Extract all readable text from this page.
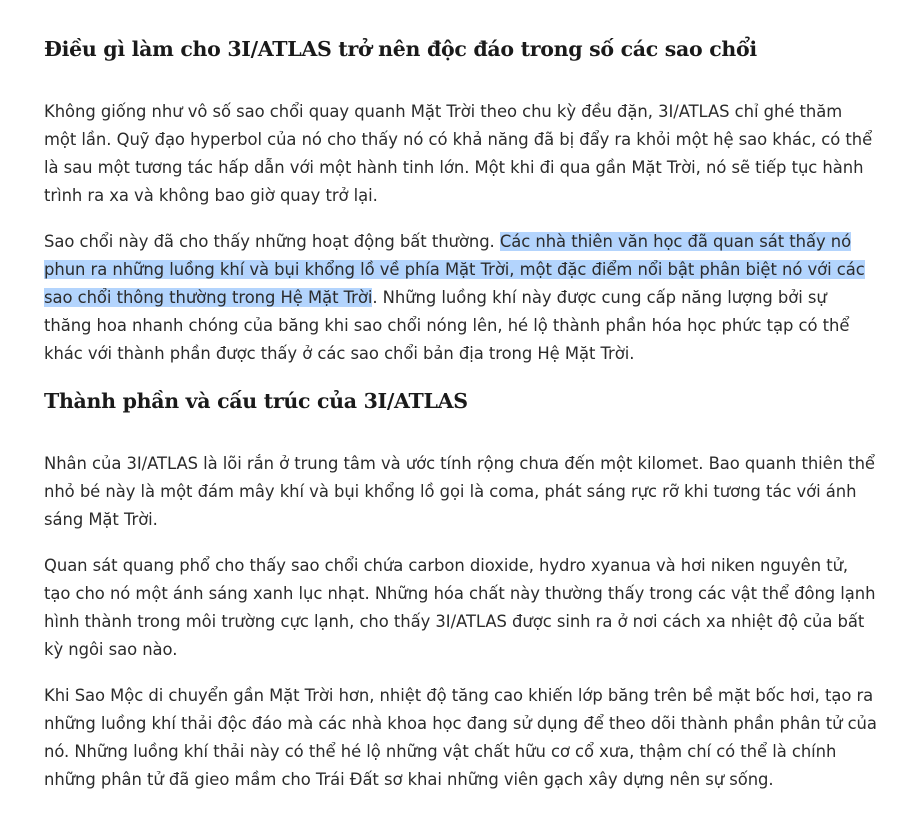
Điều gì làm cho 3I/ATLAS trở nên độc đáo trong số các sao chổi

Không giống như vô số sao chổi quay quanh Mặt Trời theo chu kỳ đều đặn, 3I/ATLAS chỉ ghé thăm một lần. Quỹ đạo hyperbol của nó cho thấy nó có khả năng đã bị đẩy ra khỏi một hệ sao khác, có thể là sau một tương tác hấp dẫn với một hành tinh lớn. Một khi đi qua gần Mặt Trời, nó sẽ tiếp tục hành trình ra xa và không bao giờ quay trở lại.

Sao chổi này đã cho thấy những hoạt động bất thường. Các nhà thiên văn học đã quan sát thấy nó phun ra những luồng khí và bụi khổng lồ về phía Mặt Trời, một đặc điểm nổi bật phân biệt nó với các sao chổi thông thường trong Hệ Mặt Trời. Những luồng khí này được cung cấp năng lượng bởi sự thăng hoa nhanh chóng của băng khi sao chổi nóng lên, hé lộ thành phần hóa học phức tạp có thể khác với thành phần được thấy ở các sao chổi bản địa trong Hệ Mặt Trời.

Thành phần và cấu trúc của 3I/ATLAS

Nhân của 3I/ATLAS là lõi rắn ở trung tâm và ước tính rộng chưa đến một kilomet. Bao quanh thiên thể nhỏ bé này là một đám mây khí và bụi khổng lồ gọi là coma, phát sáng rực rỡ khi tương tác với ánh sáng Mặt Trời.

Quan sát quang phổ cho thấy sao chổi chứa carbon dioxide, hydro xyanua và hơi niken nguyên tử, tạo cho nó một ánh sáng xanh lục nhạt. Những hóa chất này thường thấy trong các vật thể đông lạnh hình thành trong môi trường cực lạnh, cho thấy 3I/ATLAS được sinh ra ở nơi cách xa nhiệt độ của bất kỳ ngôi sao nào.

Khi Sao Mộc di chuyển gần Mặt Trời hơn, nhiệt độ tăng cao khiến lớp băng trên bề mặt bốc hơi, tạo ra những luồng khí thải độc đáo mà các nhà khoa học đang sử dụng để theo dõi thành phần phân tử của nó. Những luồng khí thải này có thể hé lộ những vật chất hữu cơ cổ xưa, thậm chí có thể là chính những phân tử đã gieo mầm cho Trái Đất sơ khai những viên gạch xây dựng nên sự sống.
